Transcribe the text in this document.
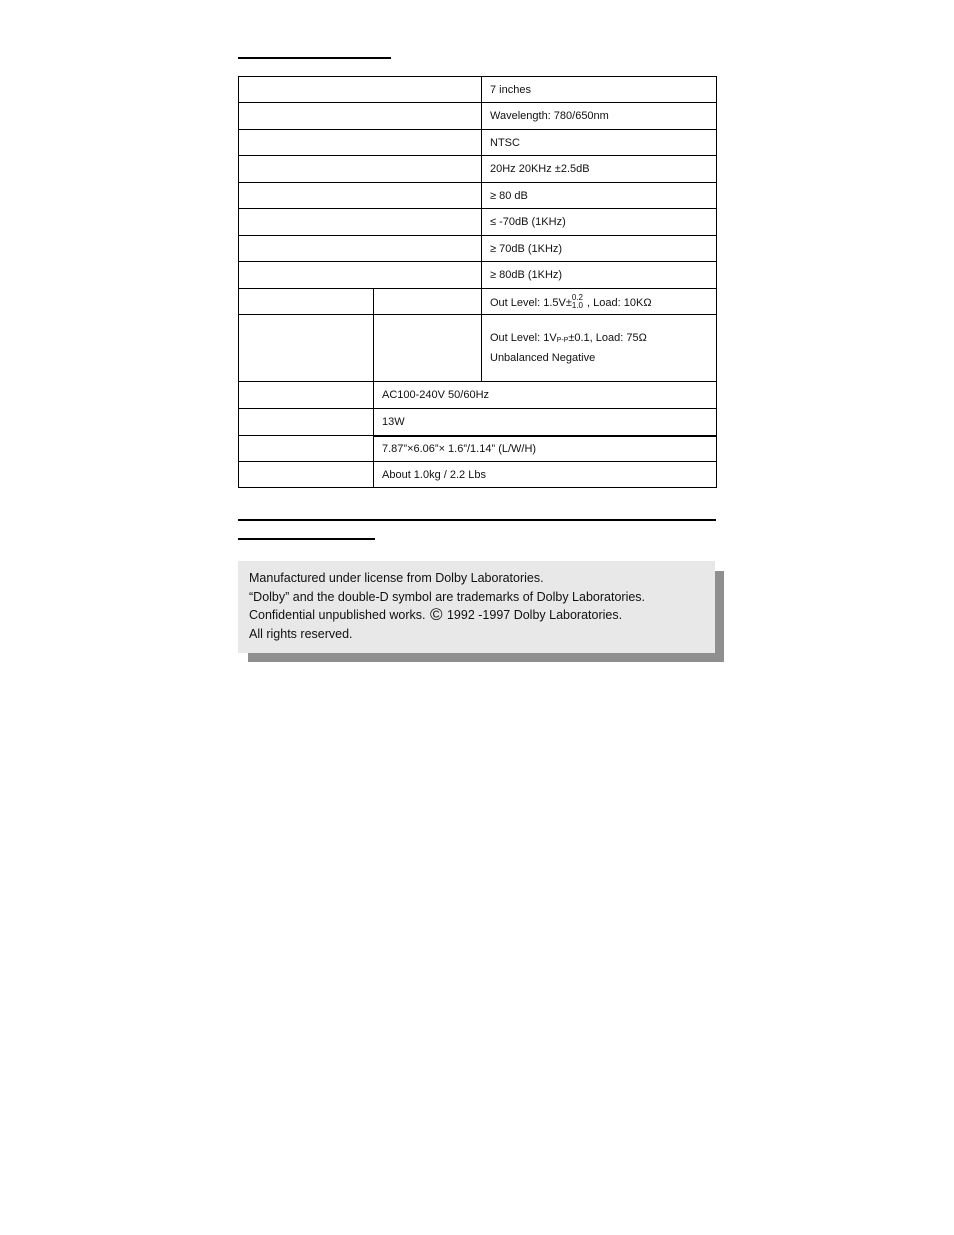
		7 inches
		Wavelength: 780/650nm
		NTSC
		20Hz 20KHz ±2.5dB
		≥ 80 dB
		≤ -70dB (1KHz)
		≥ 70dB (1KHz)
		≥ 80dB (1KHz)
		Out Level: 1.5V± 0.2
1.0 , Load: 10KΩ

		Out Level: 1VP-P±0.1, Load: 75Ω
Unbalanced Negative

	AC100-240V 50/60Hz	
	13W	
	7.87”×6.06”× 1.6”/1.14” (L/W/H)	
	About 1.0kg / 2.2 Lbs	
Manufactured under license from Dolby Laboratories.
“Dolby” and the double-D symbol are trademarks of Dolby Laboratories.
Confidential unpublished works. © 1992 -1997 Dolby Laboratories.
All rights reserved.
